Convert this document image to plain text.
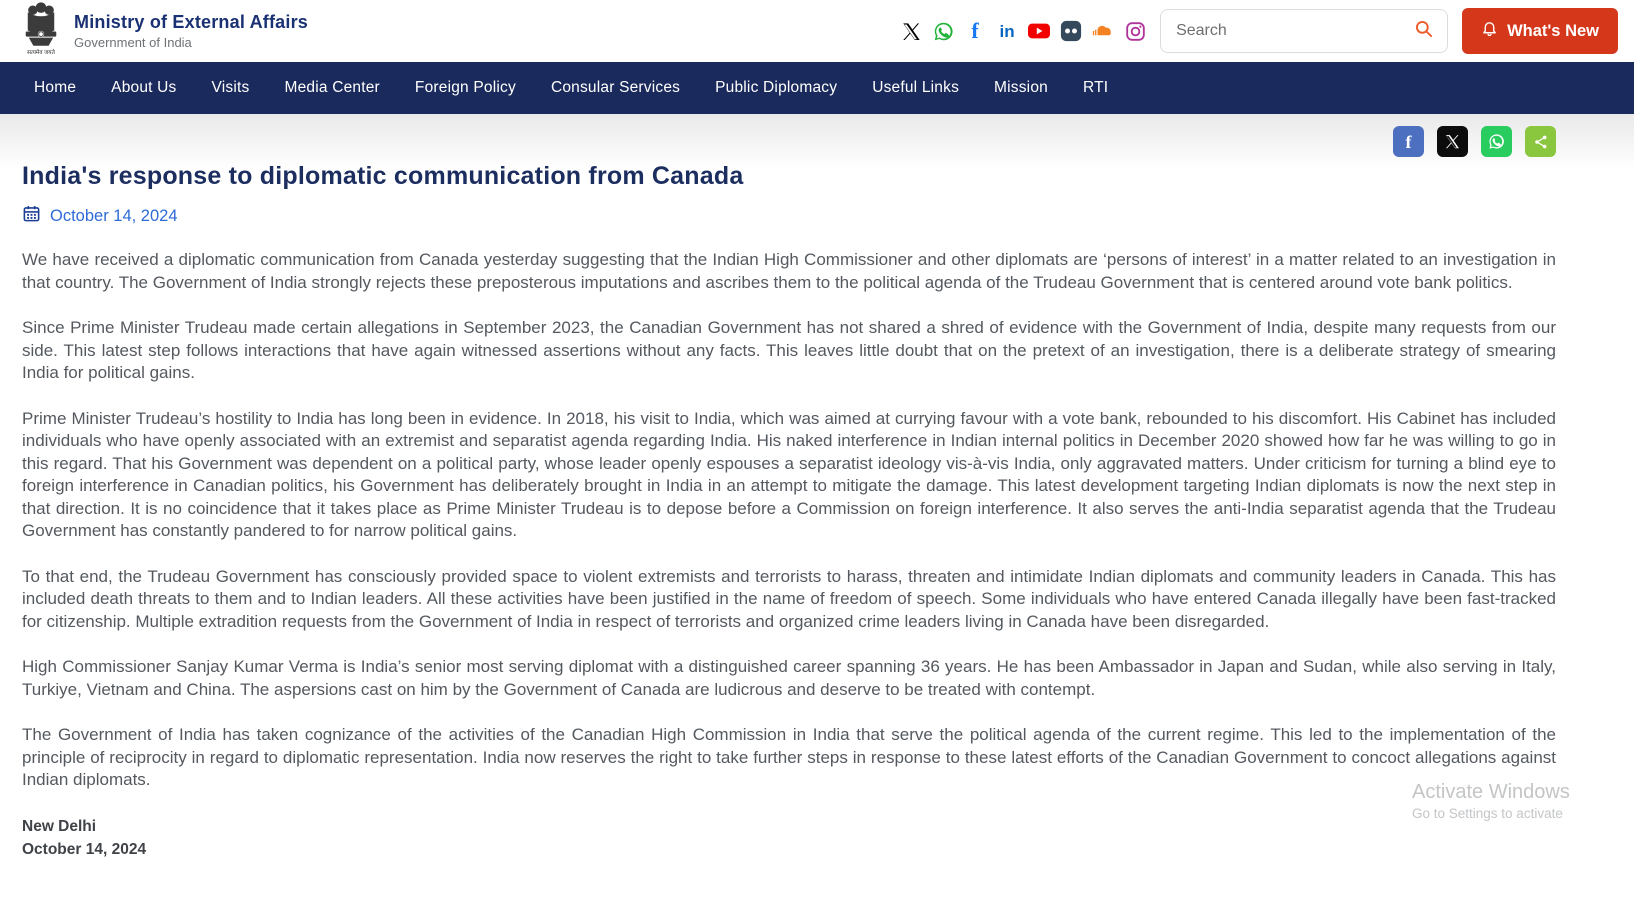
सत्यमेव जयते
Ministry of External Affairs
Government of India	f in
Search	What's New
Home About Us Visits Media Center Foreign Policy Consular Services Public Diplomacy Useful Links Mission RTI
f
India's response to diplomatic communication from Canada
October 14, 2024

We have received a diplomatic communication from Canada yesterday suggesting that the Indian High Commissioner and other diplomats are ‘persons of interest’ in a matter related to an investigation in that country. The Government of India strongly rejects these preposterous imputations and ascribes them to the political agenda of the Trudeau Government that is centered around vote bank politics.

Since Prime Minister Trudeau made certain allegations in September 2023, the Canadian Government has not shared a shred of evidence with the Government of India, despite many requests from our side. This latest step follows interactions that have again witnessed assertions without any facts. This leaves little doubt that on the pretext of an investigation, there is a deliberate strategy of smearing India for political gains.

Prime Minister Trudeau’s hostility to India has long been in evidence. In 2018, his visit to India, which was aimed at currying favour with a vote bank, rebounded to his discomfort. His Cabinet has included individuals who have openly associated with an extremist and separatist agenda regarding India. His naked interference in Indian internal politics in December 2020 showed how far he was willing to go in this regard. That his Government was dependent on a political party, whose leader openly espouses a separatist ideology vis-à-vis India, only aggravated matters. Under criticism for turning a blind eye to foreign interference in Canadian politics, his Government has deliberately brought in India in an attempt to mitigate the damage. This latest development targeting Indian diplomats is now the next step in that direction. It is no coincidence that it takes place as Prime Minister Trudeau is to depose before a Commission on foreign interference. It also serves the anti-India separatist agenda that the Trudeau Government has constantly pandered to for narrow political gains.

To that end, the Trudeau Government has consciously provided space to violent extremists and terrorists to harass, threaten and intimidate Indian diplomats and community leaders in Canada. This has included death threats to them and to Indian leaders. All these activities have been justified in the name of freedom of speech. Some individuals who have entered Canada illegally have been fast-tracked for citizenship. Multiple extradition requests from the Government of India in respect of terrorists and organized crime leaders living in Canada have been disregarded.

High Commissioner Sanjay Kumar Verma is India’s senior most serving diplomat with a distinguished career spanning 36 years. He has been Ambassador in Japan and Sudan, while also serving in Italy, Turkiye, Vietnam and China. The aspersions cast on him by the Government of Canada are ludicrous and deserve to be treated with contempt.

The Government of India has taken cognizance of the activities of the Canadian High Commission in India that serve the political agenda of the current regime. This led to the implementation of the principle of reciprocity in regard to diplomatic representation. India now reserves the right to take further steps in response to these latest efforts of the Canadian Government to concoct allegations against Indian diplomats.

New Delhi
October 14, 2024
Activate Windows
Go to Settings to activate
